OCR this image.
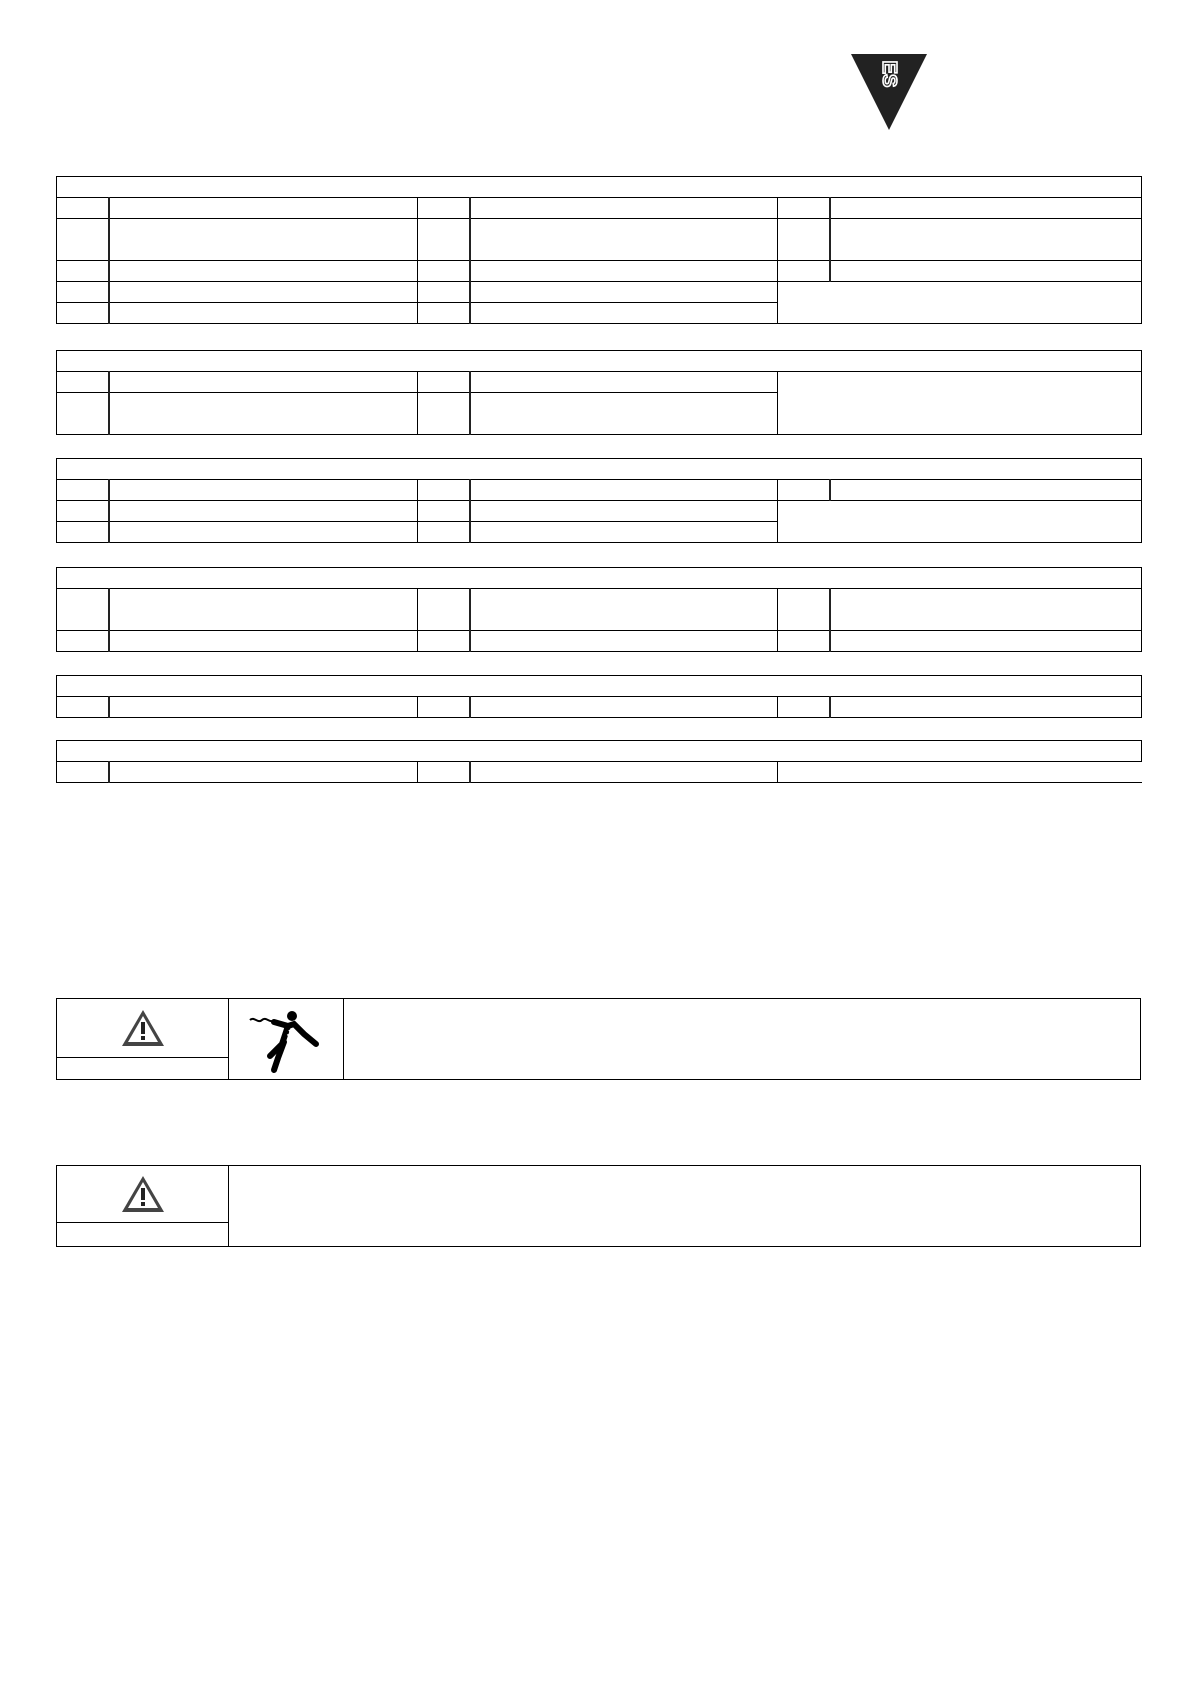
ES
